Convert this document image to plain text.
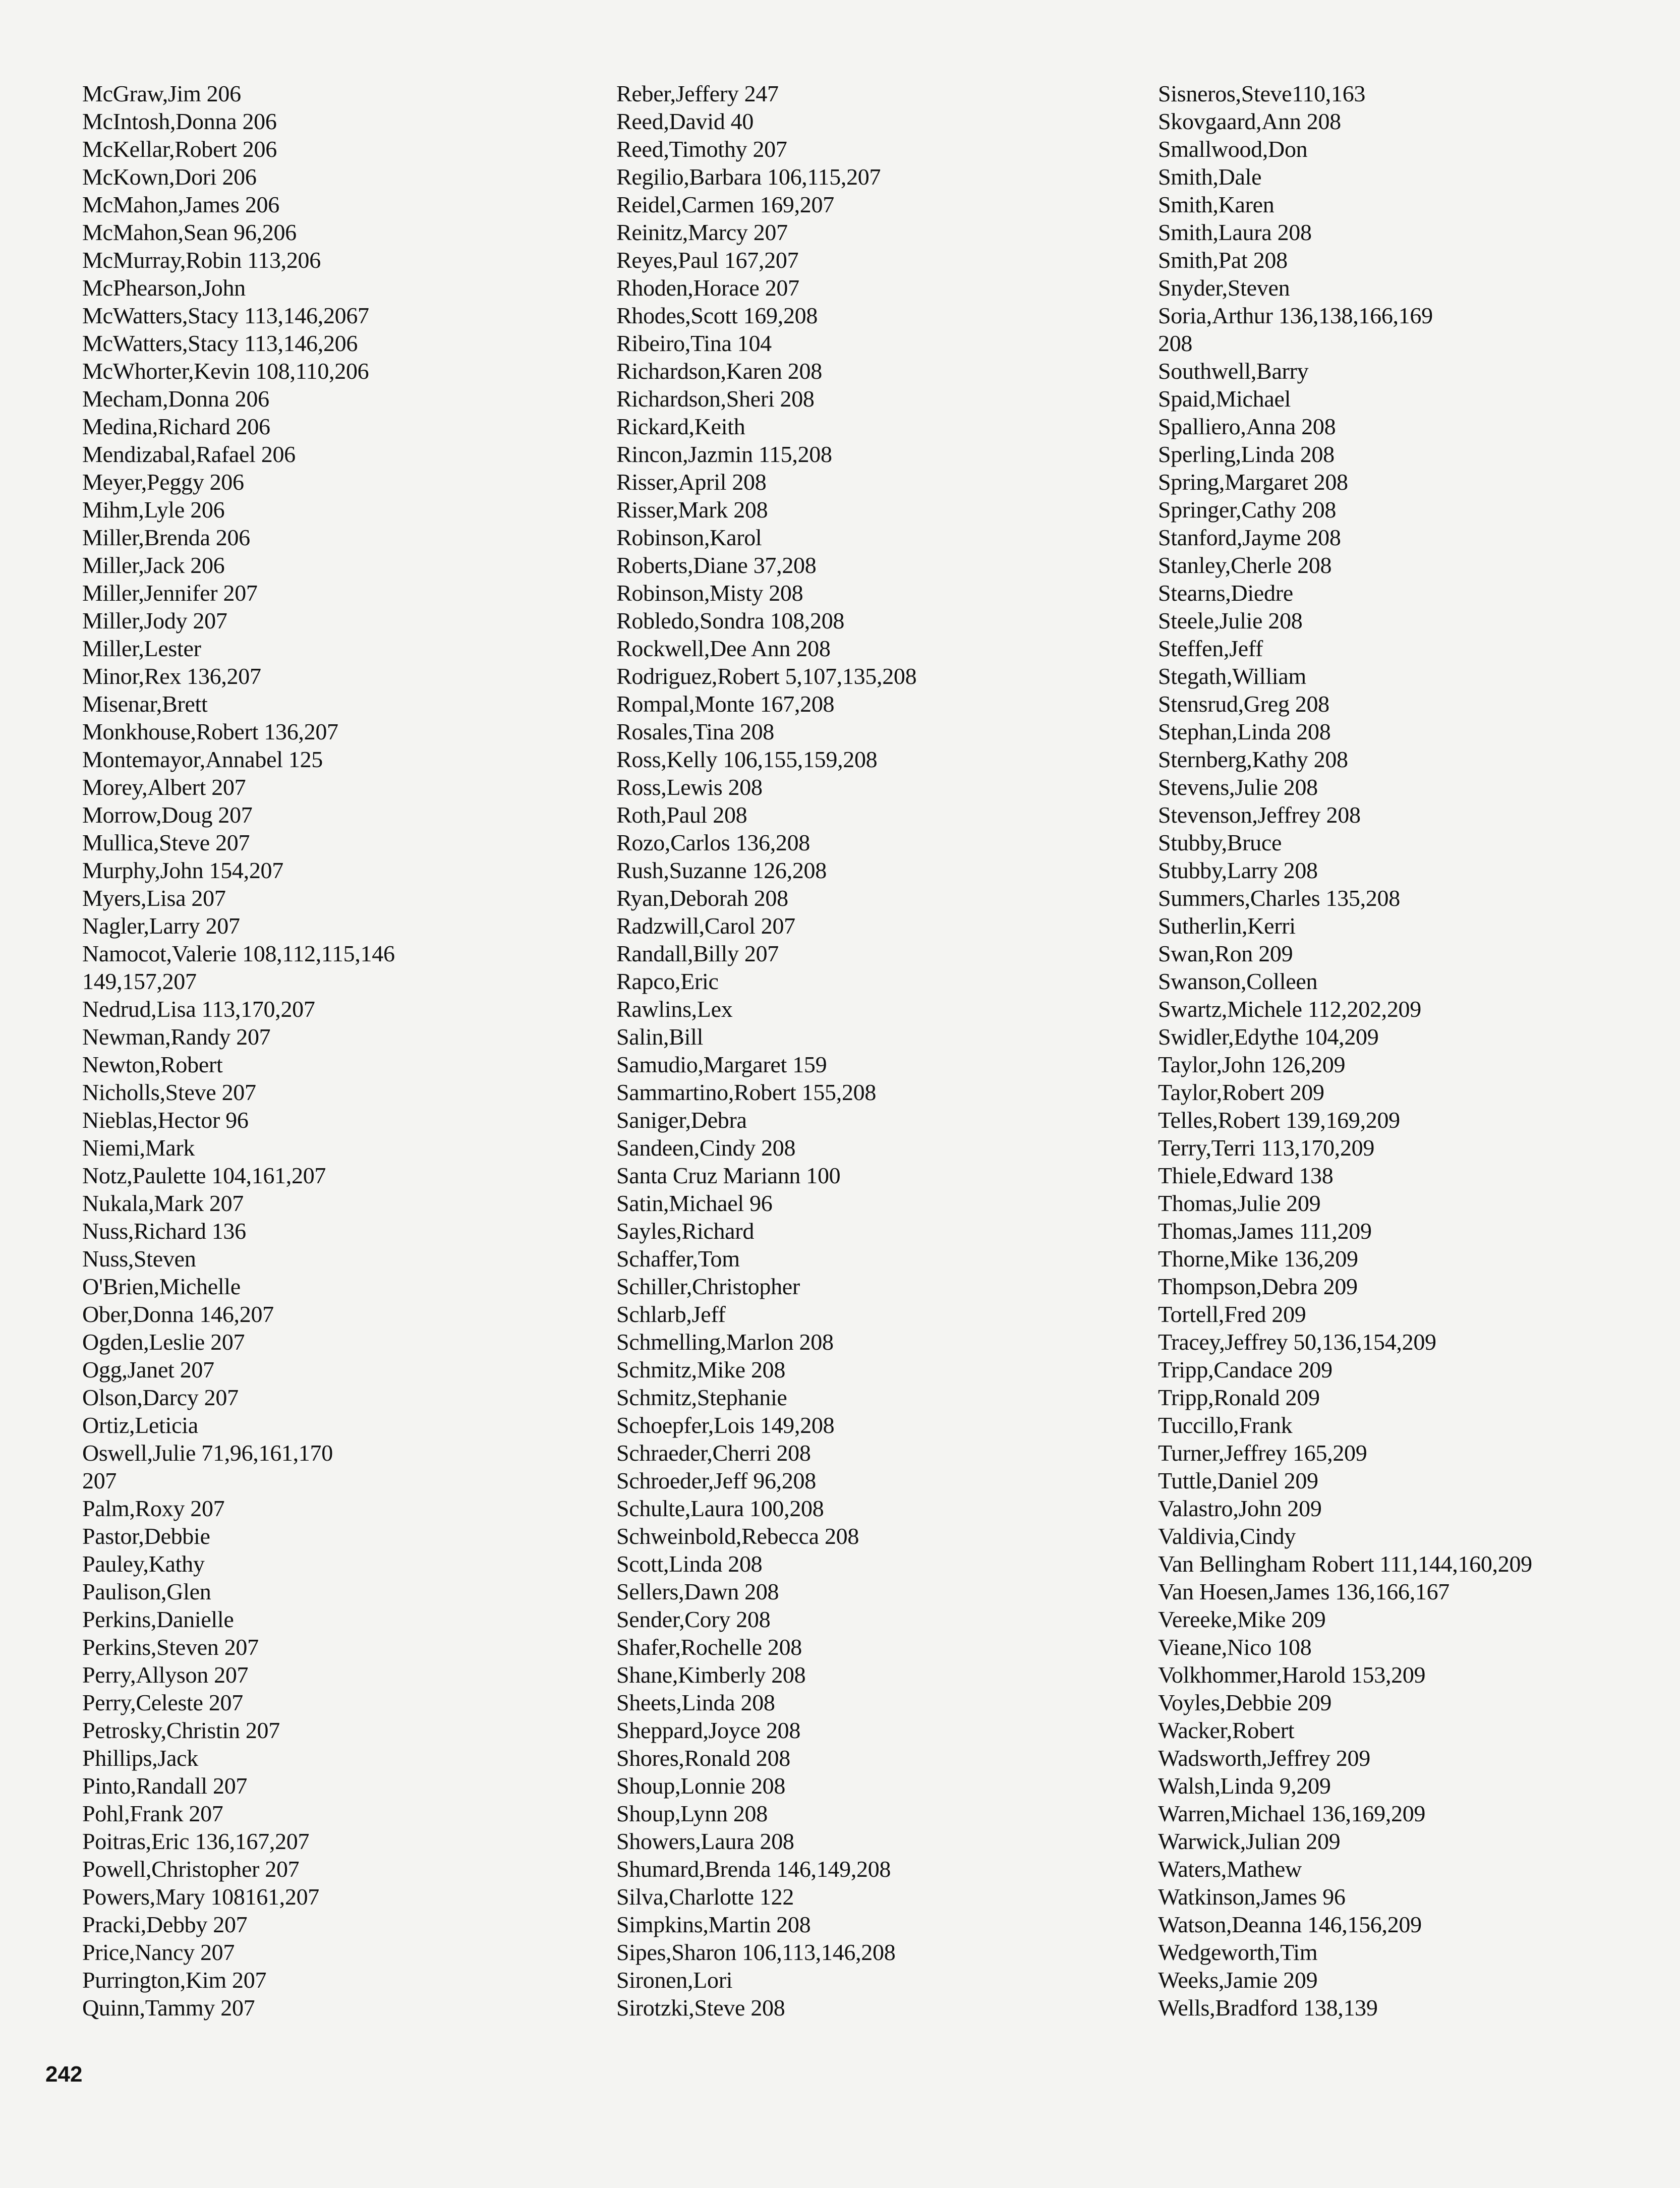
McGraw,Jim 206
McIntosh,Donna 206
McKellar,Robert 206
McKown,Dori 206
McMahon,James 206
McMahon,Sean 96,206
McMurray,Robin 113,206
McPhearson,John
McWatters,Stacy 113,146,2067
McWatters,Stacy 113,146,206
McWhorter,Kevin 108,110,206
Mecham,Donna 206
Medina,Richard 206
Mendizabal,Rafael 206
Meyer,Peggy 206
Mihm,Lyle 206
Miller,Brenda 206
Miller,Jack 206
Miller,Jennifer 207
Miller,Jody 207
Miller,Lester
Minor,Rex 136,207
Misenar,Brett
Monkhouse,Robert 136,207
Montemayor,Annabel 125
Morey,Albert 207
Morrow,Doug 207
Mullica,Steve 207
Murphy,John 154,207
Myers,Lisa 207
Nagler,Larry 207
Namocot,Valerie 108,112,115,146
149,157,207
Nedrud,Lisa 113,170,207
Newman,Randy 207
Newton,Robert
Nicholls,Steve 207
Nieblas,Hector 96
Niemi,Mark
Notz,Paulette 104,161,207
Nukala,Mark 207
Nuss,Richard 136
Nuss,Steven
O'Brien,Michelle
Ober,Donna 146,207
Ogden,Leslie 207
Ogg,Janet 207
Olson,Darcy 207
Ortiz,Leticia
Oswell,Julie 71,96,161,170
207
Palm,Roxy 207
Pastor,Debbie
Pauley,Kathy
Paulison,Glen
Perkins,Danielle
Perkins,Steven 207
Perry,Allyson 207
Perry,Celeste 207
Petrosky,Christin 207
Phillips,Jack
Pinto,Randall 207
Pohl,Frank 207
Poitras,Eric 136,167,207
Powell,Christopher 207
Powers,Mary 108161,207
Pracki,Debby 207
Price,Nancy 207
Purrington,Kim 207
Quinn,Tammy 207
Reber,Jeffery 247
Reed,David 40
Reed,Timothy 207
Regilio,Barbara 106,115,207
Reidel,Carmen 169,207
Reinitz,Marcy 207
Reyes,Paul 167,207
Rhoden,Horace 207
Rhodes,Scott 169,208
Ribeiro,Tina 104
Richardson,Karen 208
Richardson,Sheri 208
Rickard,Keith
Rincon,Jazmin 115,208
Risser,April 208
Risser,Mark 208
Robinson,Karol
Roberts,Diane 37,208
Robinson,Misty 208
Robledo,Sondra 108,208
Rockwell,Dee Ann 208
Rodriguez,Robert 5,107,135,208
Rompal,Monte 167,208
Rosales,Tina 208
Ross,Kelly 106,155,159,208
Ross,Lewis 208
Roth,Paul 208
Rozo,Carlos 136,208
Rush,Suzanne 126,208
Ryan,Deborah 208
Radzwill,Carol 207
Randall,Billy 207
Rapco,Eric
Rawlins,Lex
Salin,Bill
Samudio,Margaret 159
Sammartino,Robert 155,208
Saniger,Debra
Sandeen,Cindy 208
Santa Cruz Mariann 100
Satin,Michael 96
Sayles,Richard
Schaffer,Tom
Schiller,Christopher
Schlarb,Jeff
Schmelling,Marlon 208
Schmitz,Mike 208
Schmitz,Stephanie
Schoepfer,Lois 149,208
Schraeder,Cherri 208
Schroeder,Jeff 96,208
Schulte,Laura 100,208
Schweinbold,Rebecca 208
Scott,Linda 208
Sellers,Dawn 208
Sender,Cory 208
Shafer,Rochelle 208
Shane,Kimberly 208
Sheets,Linda 208
Sheppard,Joyce 208
Shores,Ronald 208
Shoup,Lonnie 208
Shoup,Lynn 208
Showers,Laura 208
Shumard,Brenda 146,149,208
Silva,Charlotte 122
Simpkins,Martin 208
Sipes,Sharon 106,113,146,208
Sironen,Lori
Sirotzki,Steve 208
Sisneros,Steve110,163
Skovgaard,Ann 208
Smallwood,Don
Smith,Dale
Smith,Karen
Smith,Laura 208
Smith,Pat 208
Snyder,Steven
Soria,Arthur 136,138,166,169
208
Southwell,Barry
Spaid,Michael
Spalliero,Anna 208
Sperling,Linda 208
Spring,Margaret 208
Springer,Cathy 208
Stanford,Jayme 208
Stanley,Cherle 208
Stearns,Diedre
Steele,Julie 208
Steffen,Jeff
Stegath,William
Stensrud,Greg 208
Stephan,Linda 208
Sternberg,Kathy 208
Stevens,Julie 208
Stevenson,Jeffrey 208
Stubby,Bruce
Stubby,Larry 208
Summers,Charles 135,208
Sutherlin,Kerri
Swan,Ron 209
Swanson,Colleen
Swartz,Michele 112,202,209
Swidler,Edythe 104,209
Taylor,John 126,209
Taylor,Robert 209
Telles,Robert 139,169,209
Terry,Terri 113,170,209
Thiele,Edward 138
Thomas,Julie 209
Thomas,James 111,209
Thorne,Mike 136,209
Thompson,Debra 209
Tortell,Fred 209
Tracey,Jeffrey 50,136,154,209
Tripp,Candace 209
Tripp,Ronald 209
Tuccillo,Frank
Turner,Jeffrey 165,209
Tuttle,Daniel 209
Valastro,John 209
Valdivia,Cindy
Van Bellingham Robert 111,144,160,209
Van Hoesen,James 136,166,167
Vereeke,Mike 209
Vieane,Nico 108
Volkhommer,Harold 153,209
Voyles,Debbie 209
Wacker,Robert
Wadsworth,Jeffrey 209
Walsh,Linda 9,209
Warren,Michael 136,169,209
Warwick,Julian 209
Waters,Mathew
Watkinson,James 96
Watson,Deanna 146,156,209
Wedgeworth,Tim
Weeks,Jamie 209
Wells,Bradford 138,139
242
